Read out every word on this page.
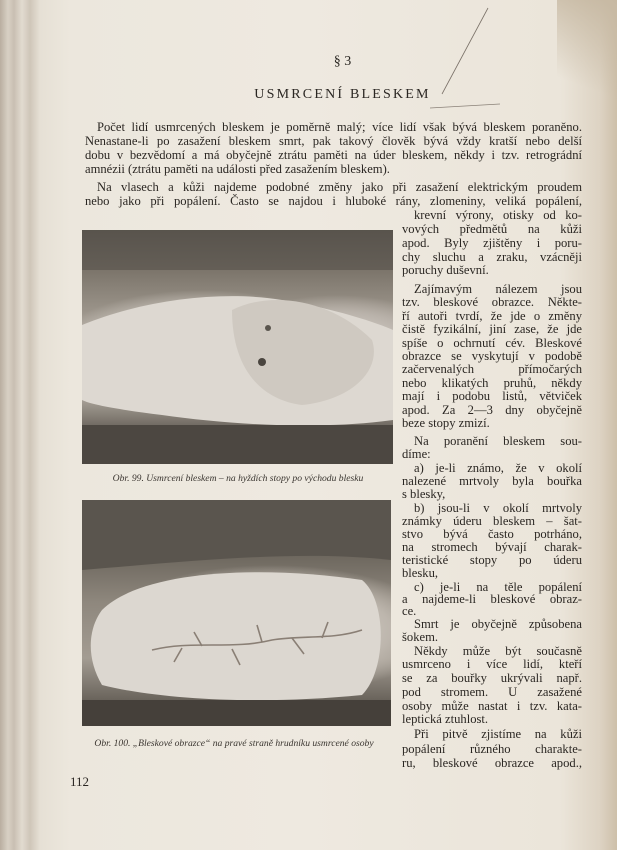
§ 3
USMRCENÍ BLESKEM
Počet lidí usmrcených bleskem je poměrně malý; více lidí však bývá bleskem poraněno.
Nenastane-li po zasažení bleskem smrt, pak takový člověk bývá vždy kratší nebo delší
dobu v bezvědomí a má obyčejně ztrátu paměti na úder bleskem, někdy i tzv. retrográdní
amnézii (ztrátu paměti na události před zasažením bleskem).
Na vlasech a kůži najdeme podobné změny jako při zasažení elektrickým proudem
nebo jako při popálení. Často se najdou i hluboké rány, zlomeniny, veliká popálení,
krevní výrony, otisky od ko-
vových předmětů na kůži
apod. Byly zjištěny i poru-
chy sluchu a zraku, vzácněji
poruchy duševní.
Zajímavým nálezem jsou
tzv. bleskové obrazce. Někte-
ří autoři tvrdí, že jde o změny
čistě fyzikální, jiní zase, že jde
spíše o ochrnutí cév. Bleskové
obrazce se vyskytují v podobě
začervenalých přímočarých
nebo klikatých pruhů, někdy
mají i podobu listů, větviček
apod. Za 2—3 dny obyčejně
beze stopy zmizí.
Na poranění bleskem sou-
díme:
a) je-li známo, že v okolí
nalezené mrtvoly byla bouřka
s blesky,
b) jsou-li v okolí mrtvoly
známky úderu bleskem – šat-
stvo bývá často potrháno,
na stromech bývají charak-
teristické stopy po úderu
blesku,
c) je-li na těle popálení
a najdeme-li bleskové obraz-
ce.
Smrt je obyčejně způsobena
šokem.
Někdy může být současně
usmrceno i více lidí, kteří
se za bouřky ukrývali např.
pod stromem. U zasažené
osoby může nastat i tzv. kata-
leptická ztuhlost.
Při pitvě zjistíme na kůži
popálení různého charakte-
ru, bleskové obrazce apod.,
Obr. 99. Usmrcení bleskem – na hyždích stopy po východu blesku
Obr. 100. „Bleskové obrazce“ na pravé straně hrudníku usmrcené osoby
112
